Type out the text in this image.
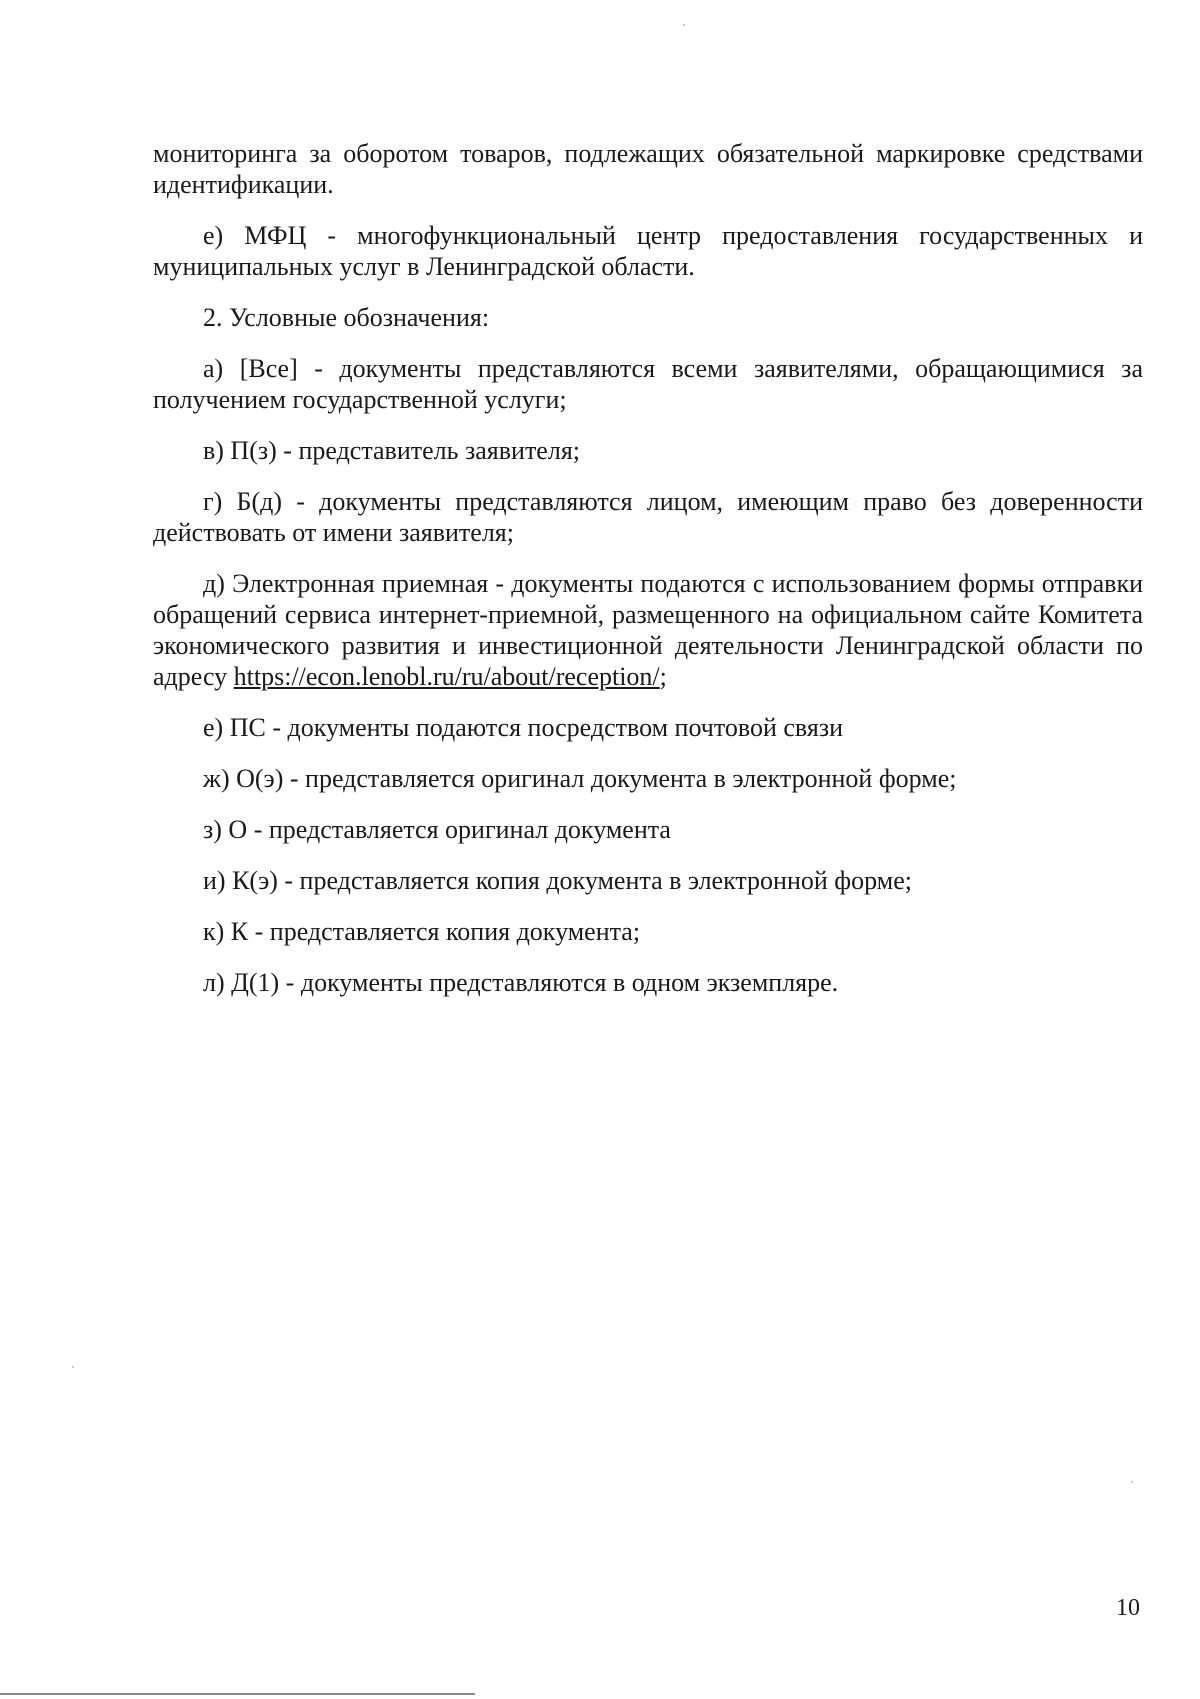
мониторинга за оборотом товаров, подлежащих обязательной маркировке средствами идентификации.

е) МФЦ - многофункциональный центр предоставления государственных и муниципальных услуг в Ленинградской области.

2. Условные обозначения:

а) [Все] - документы представляются всеми заявителями, обращающимися за получением государственной услуги;

в) П(з) - представитель заявителя;

г) Б(д) - документы представляются лицом, имеющим право без доверенности действовать от имени заявителя;

д) Электронная приемная - документы подаются с использованием формы отправки обращений сервиса интернет-приемной, размещенного на официальном сайте Комитета экономического развития и инвестиционной деятельности Ленинградской области по адресу https://econ.lenobl.ru/ru/about/reception/;

е) ПС - документы подаются посредством почтовой связи

ж) О(э) - представляется оригинал документа в электронной форме;

з) О - представляется оригинал документа

и) К(э) - представляется копия документа в электронной форме;

к) К - представляется копия документа;

л) Д(1) - документы представляются в одном экземпляре.

10
